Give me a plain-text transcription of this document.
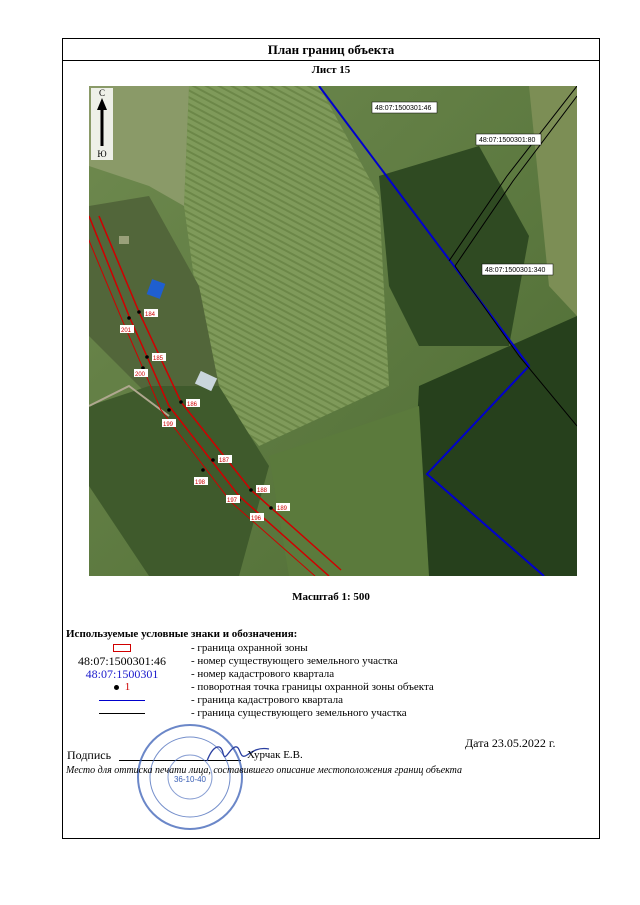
План границ объекта
Лист 15
С
Ю
48:07:1500301:46
48:07:1500301:80
48:07:1500301:340
184
201
185
200
186
199
187
198
188
197
189
196
Масштаб 1: 500
Используемые условные знаки и обозначения:
- граница охранной зоны
48:07:1500301:46	- номер существующего земельного участка
48:07:1500301	- номер кадастрового квартала
1	- поворотная точка границы охранной зоны объекта
- граница кадастрового квартала
- граница существующего земельного участка
Дата 23.05.2022 г.
Подпись
36-10-40
Хурчак Е.В.
Место для оттиска печати лица, составившего описание местоположения границ объекта
